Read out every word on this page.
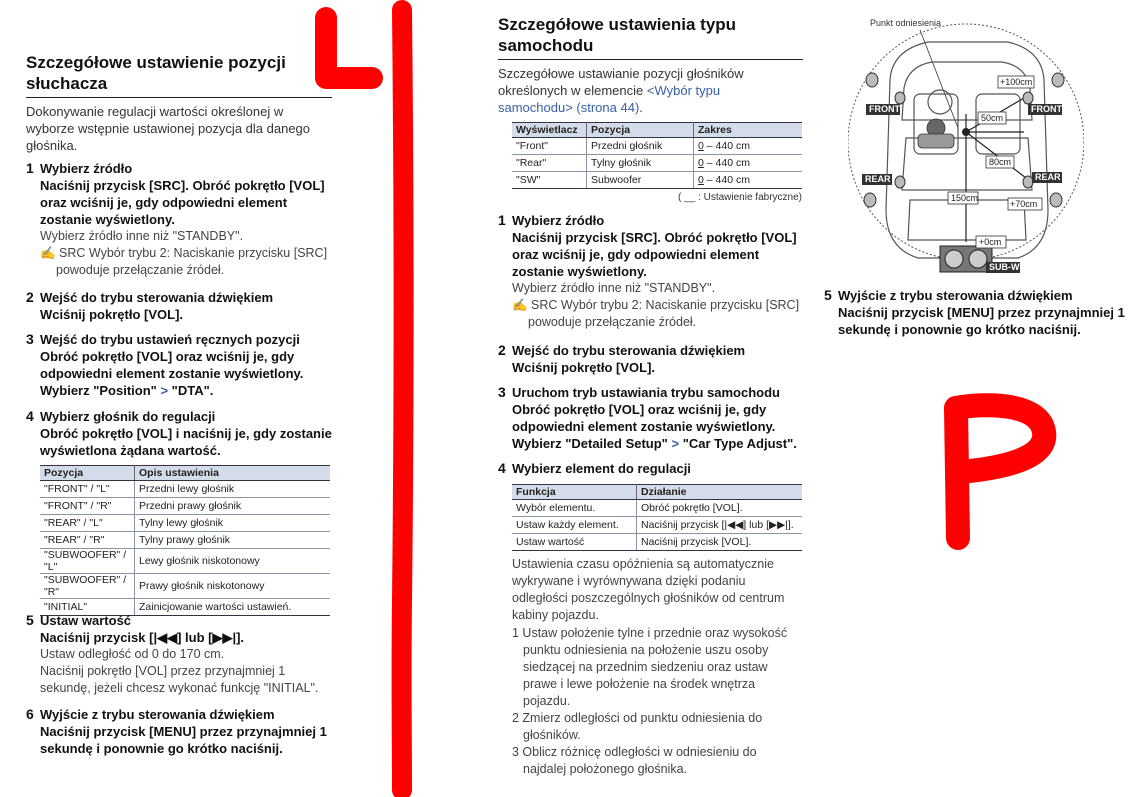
Szczegółowe ustawienie pozycji
słuchacza
Dokonywanie regulacji wartości określonej w
wyborze wstępnie ustawionej pozycja dla danego
głośnika.
1 Wybierz źródło
Naciśnij przycisk [SRC]. Obróć pokrętło [VOL]
oraz wciśnij je, gdy odpowiedni element
zostanie wyświetlony.
Wybierz źródło inne niż "STANDBY".
✍ SRC Wybór trybu 2: Naciskanie przycisku [SRC]
powoduje przełączanie źródeł.
2 Wejść do trybu sterowania dźwiękiem
Wciśnij pokrętło [VOL].
3 Wejść do trybu ustawień ręcznych pozycji
Obróć pokrętło [VOL] oraz wciśnij je, gdy
odpowiedni element zostanie wyświetlony.
Wybierz "Position" > "DTA".
4 Wybierz głośnik do regulacji
Obróć pokrętło [VOL] i naciśnij je, gdy zostanie
wyświetlona żądana wartość.
Pozycja	Opis ustawienia
"FRONT" / "L"	Przedni lewy głośnik
"FRONT" / "R"	Przedni prawy głośnik
"REAR" / "L"	Tylny lewy głośnik
"REAR" / "R"	Tylny prawy głośnik
"SUBWOOFER" / "L"	Lewy głośnik niskotonowy
"SUBWOOFER" / "R"	Prawy głośnik niskotonowy
"INITIAL"	Zainicjowanie wartości ustawień.
5 Ustaw wartość
Naciśnij przycisk [|◀◀] lub [▶▶|].
Ustaw odległość od 0 do 170 cm.
Naciśnij pokrętło [VOL] przez przynajmniej 1
sekundę, jeżeli chcesz wykonać funkcję "INITIAL".
6 Wyjście z trybu sterowania dźwiękiem
Naciśnij przycisk [MENU] przez przynajmniej 1
sekundę i ponownie go krótko naciśnij.
Szczegółowe ustawienia typu
samochodu
Szczegółowe ustawianie pozycji głośników
określonych w elemencie <Wybór typu
samochodu> (strona 44).
Wyświetlacz	Pozycja	Zakres
"Front"	Przedni głośnik	0 – 440 cm
"Rear"	Tylny głośnik	0 – 440 cm
"SW"	Subwoofer	0 – 440 cm
( __ : Ustawienie fabryczne)
1 Wybierz źródło
Naciśnij przycisk [SRC]. Obróć pokrętło [VOL]
oraz wciśnij je, gdy odpowiedni element
zostanie wyświetlony.
Wybierz źródło inne niż "STANDBY".
✍ SRC Wybór trybu 2: Naciskanie przycisku [SRC]
powoduje przełączanie źródeł.
2 Wejść do trybu sterowania dźwiękiem
Wciśnij pokrętło [VOL].
3 Uruchom tryb ustawiania trybu samochodu
Obróć pokrętło [VOL] oraz wciśnij je, gdy
odpowiedni element zostanie wyświetlony.
Wybierz "Detailed Setup" > "Car Type Adjust".
4 Wybierz element do regulacji
Funkcja	Działanie
Wybór elementu.	Obróć pokrętło [VOL].
Ustaw każdy element.	Naciśnij przycisk [|◀◀] lub [▶▶|].
Ustaw wartość	Naciśnij przycisk [VOL].
Ustawienia czasu opóźnienia są automatycznie
wykrywane i wyrównywana dzięki podaniu
odległości poszczególnych głośników od centrum
kabiny pojazdu.
1 Ustaw położenie tylne i przednie oraz wysokość
punktu odniesienia na położenie uszu osoby
siedzącej na przednim siedzeniu oraz ustaw
prawe i lewe położenie na środek wnętrza
pojazdu.
2 Zmierz odległości od punktu odniesienia do
głośników.
3 Oblicz różnicę odległości w odniesieniu do
najdalej położonego głośnika.
Punkt odniesienia
+100cm
50cm
80cm
150cm
+70cm
+0cm
FRONT	FRONT
REAR	REAR
SUB-W
5 Wyjście z trybu sterowania dźwiękiem
Naciśnij przycisk [MENU] przez przynajmniej 1
sekundę i ponownie go krótko naciśnij.
